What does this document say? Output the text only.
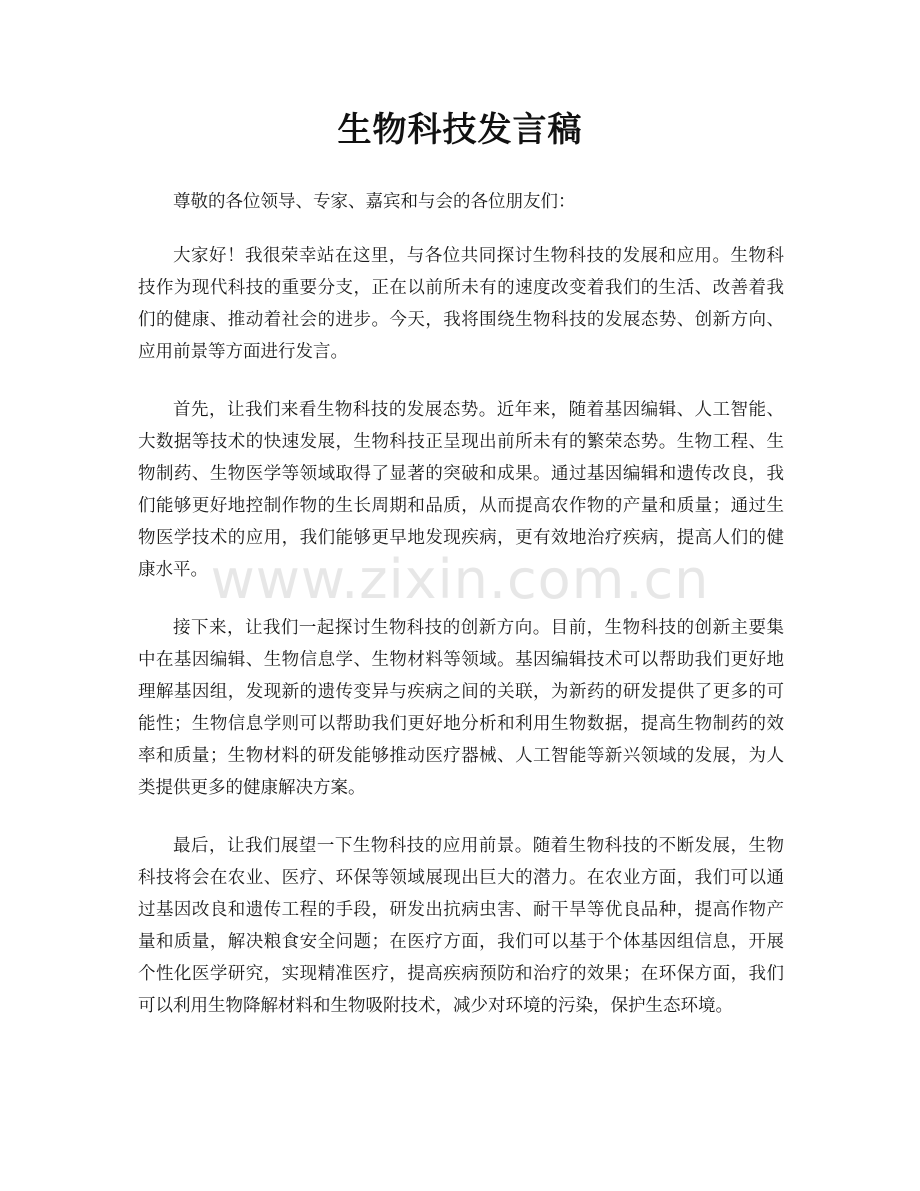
生物科技发言稿

尊敬的各位领导、专家、嘉宾和与会的各位朋友们：

大家好！我很荣幸站在这里，与各位共同探讨生物科技的发展和应用。生物科技作为现代科技的重要分支，正在以前所未有的速度改变着我们的生活、改善着我们的健康、推动着社会的进步。今天，我将围绕生物科技的发展态势、创新方向、应用前景等方面进行发言。

首先，让我们来看生物科技的发展态势。近年来，随着基因编辑、人工智能、大数据等技术的快速发展，生物科技正呈现出前所未有的繁荣态势。生物工程、生物制药、生物医学等领域取得了显著的突破和成果。通过基因编辑和遗传改良，我们能够更好地控制作物的生长周期和品质，从而提高农作物的产量和质量；通过生物医学技术的应用，我们能够更早地发现疾病，更有效地治疗疾病，提高人们的健康水平。

接下来，让我们一起探讨生物科技的创新方向。目前，生物科技的创新主要集中在基因编辑、生物信息学、生物材料等领域。基因编辑技术可以帮助我们更好地理解基因组，发现新的遗传变异与疾病之间的关联，为新药的研发提供了更多的可能性；生物信息学则可以帮助我们更好地分析和利用生物数据，提高生物制药的效率和质量；生物材料的研发能够推动医疗器械、人工智能等新兴领域的发展，为人类提供更多的健康解决方案。

最后，让我们展望一下生物科技的应用前景。随着生物科技的不断发展，生物科技将会在农业、医疗、环保等领域展现出巨大的潜力。在农业方面，我们可以通过基因改良和遗传工程的手段，研发出抗病虫害、耐干旱等优良品种，提高作物产量和质量，解决粮食安全问题；在医疗方面，我们可以基于个体基因组信息，开展个性化医学研究，实现精准医疗，提高疾病预防和治疗的效果；在环保方面，我们可以利用生物降解材料和生物吸附技术，减少对环境的污染，保护生态环境。

www.zixin.com.cn
